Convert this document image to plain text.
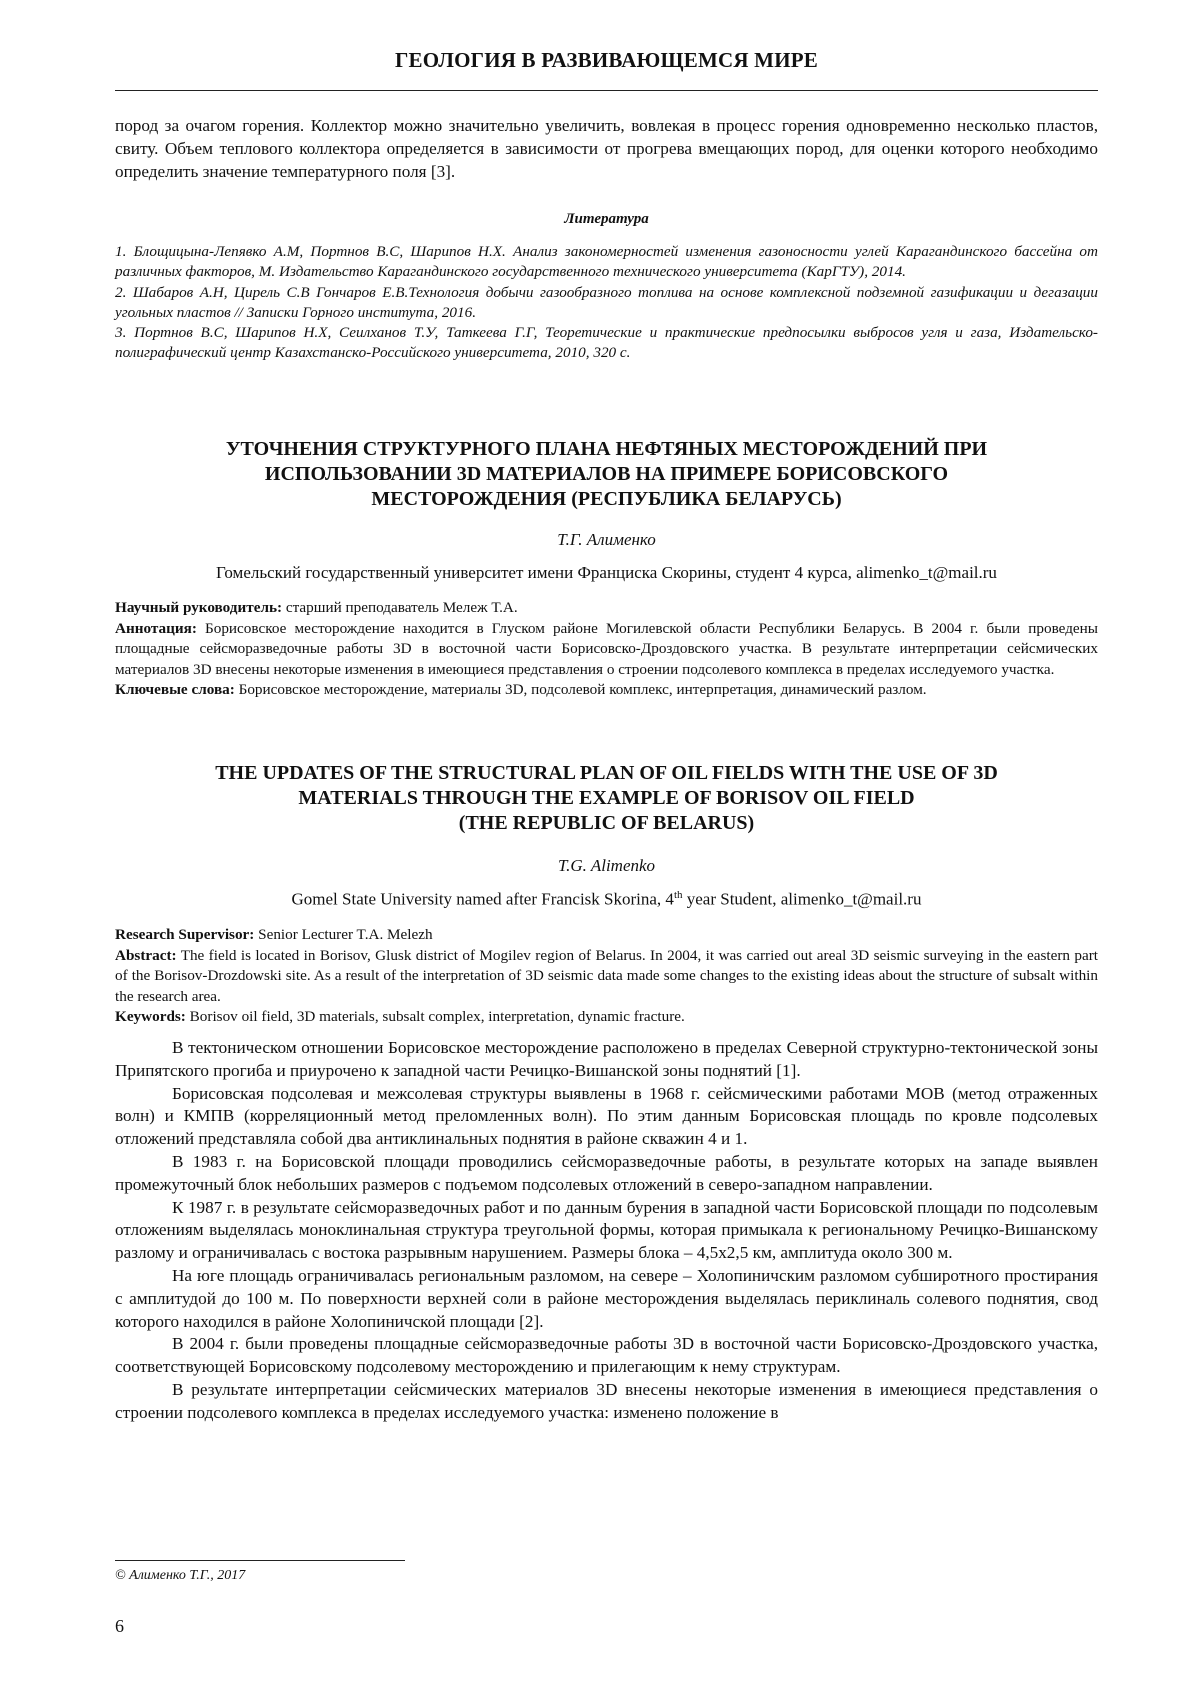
ГЕОЛОГИЯ В РАЗВИВАЮЩЕМСЯ МИРЕ

пород за очагом горения. Коллектор можно значительно увеличить, вовлекая в процесс горения одновременно несколько пластов, свиту. Объем теплового коллектора определяется в зависимости от прогрева вмещающих пород, для оценки которого необходимо определить значение температурного поля [3].

Литература

1. Блощицына-Лепявко А.М, Портнов В.С, Шарипов Н.Х. Анализ закономерностей изменения газоносности углей Карагандинского бассейна от различных факторов, М. Издательство Карагандинского государственного технического университета (КарГТУ), 2014.

2. Шабаров А.Н, Цирель С.В Гончаров Е.В.Технология добычи газообразного топлива на основе комплексной подземной газификации и дегазации угольных пластов // Записки Горного института, 2016.

3. Портнов В.С, Шарипов Н.Х, Сеилханов Т.У, Таткеева Г.Г, Теоретические и практические предпосылки выбросов угля и газа, Издательско-полиграфический центр Казахстанско-Российского университета, 2010, 320 с.

УТОЧНЕНИЯ СТРУКТУРНОГО ПЛАНА НЕФТЯНЫХ МЕСТОРОЖДЕНИЙ ПРИ
ИСПОЛЬЗОВАНИИ 3D МАТЕРИАЛОВ НА ПРИМЕРЕ БОРИСОВСКОГО
МЕСТОРОЖДЕНИЯ (РЕСПУБЛИКА БЕЛАРУСЬ)
Т.Г. Алименко
Гомельский государственный университет имени Франциска Скорины, студент 4 курса, alimenko_t@mail.ru

Научный руководитель: старший преподаватель Мележ Т.А.

Аннотация: Борисовское месторождение находится в Глуском районе Могилевской области Республики Беларусь. В 2004 г. были проведены площадные сейсморазведочные работы 3D в восточной части Борисовско-Дроздовского участка. В результате интерпретации сейсмических материалов 3D внесены некоторые изменения в имеющиеся представления о строении подсолевого комплекса в пределах исследуемого участка.

Ключевые слова: Борисовское месторождение, материалы 3D, подсолевой комплекс, интерпретация, динамический разлом.

THE UPDATES OF THE STRUCTURAL PLAN OF OIL FIELDS WITH THE USE OF 3D
MATERIALS THROUGH THE EXAMPLE OF BORISOV OIL FIELD
(THE REPUBLIC OF BELARUS)
T.G. Alimenko
Gomel State University named after Francisk Skorina, 4th year Student, alimenko_t@mail.ru

Research Supervisor: Senior Lecturer T.A. Melezh

Abstract: The field is located in Borisov, Glusk district of Mogilev region of Belarus. In 2004, it was carried out areal 3D seismic surveying in the eastern part of the Borisov-Drozdowski site. As a result of the interpretation of 3D seismic data made some changes to the existing ideas about the structure of subsalt within the research area.

Keywords: Borisov oil field, 3D materials, subsalt complex, interpretation, dynamic fracture.

В тектоническом отношении Борисовское месторождение расположено в пределах Северной структурно-тектонической зоны Припятского прогиба и приурочено к западной части Речицко-Вишанской зоны поднятий [1].

Борисовская подсолевая и межсолевая структуры выявлены в 1968 г. сейсмическими работами МОВ (метод отраженных волн) и КМПВ (корреляционный метод преломленных волн). По этим данным Борисовская площадь по кровле подсолевых отложений представляла собой два антиклинальных поднятия в районе скважин 4 и 1.

В 1983 г. на Борисовской площади проводились сейсморазведочные работы, в результате которых на западе выявлен промежуточный блок небольших размеров с подъемом подсолевых отложений в северо-западном направлении.

К 1987 г. в результате сейсморазведочных работ и по данным бурения в западной части Борисовской площади по подсолевым отложениям выделялась моноклинальная структура треугольной формы, которая примыкала к региональному Речицко-Вишанскому разлому и ограничивалась с востока разрывным нарушением. Размеры блока – 4,5х2,5 км, амплитуда около 300 м.

На юге площадь ограничивалась региональным разломом, на севере – Холопиничским разломом субширотного простирания с амплитудой до 100 м. По поверхности верхней соли в районе месторождения выделялась периклиналь солевого поднятия, свод которого находился в районе Холопиничской площади [2].

В 2004 г. были проведены площадные сейсморазведочные работы 3D в восточной части Борисовско-Дроздовского участка, соответствующей Борисовскому подсолевому месторождению и прилегающим к нему структурам.

В результате интерпретации сейсмических материалов 3D внесены некоторые изменения в имеющиеся представления о строении подсолевого комплекса в пределах исследуемого участка: изменено положение в

© Алименко Т.Г., 2017
6
